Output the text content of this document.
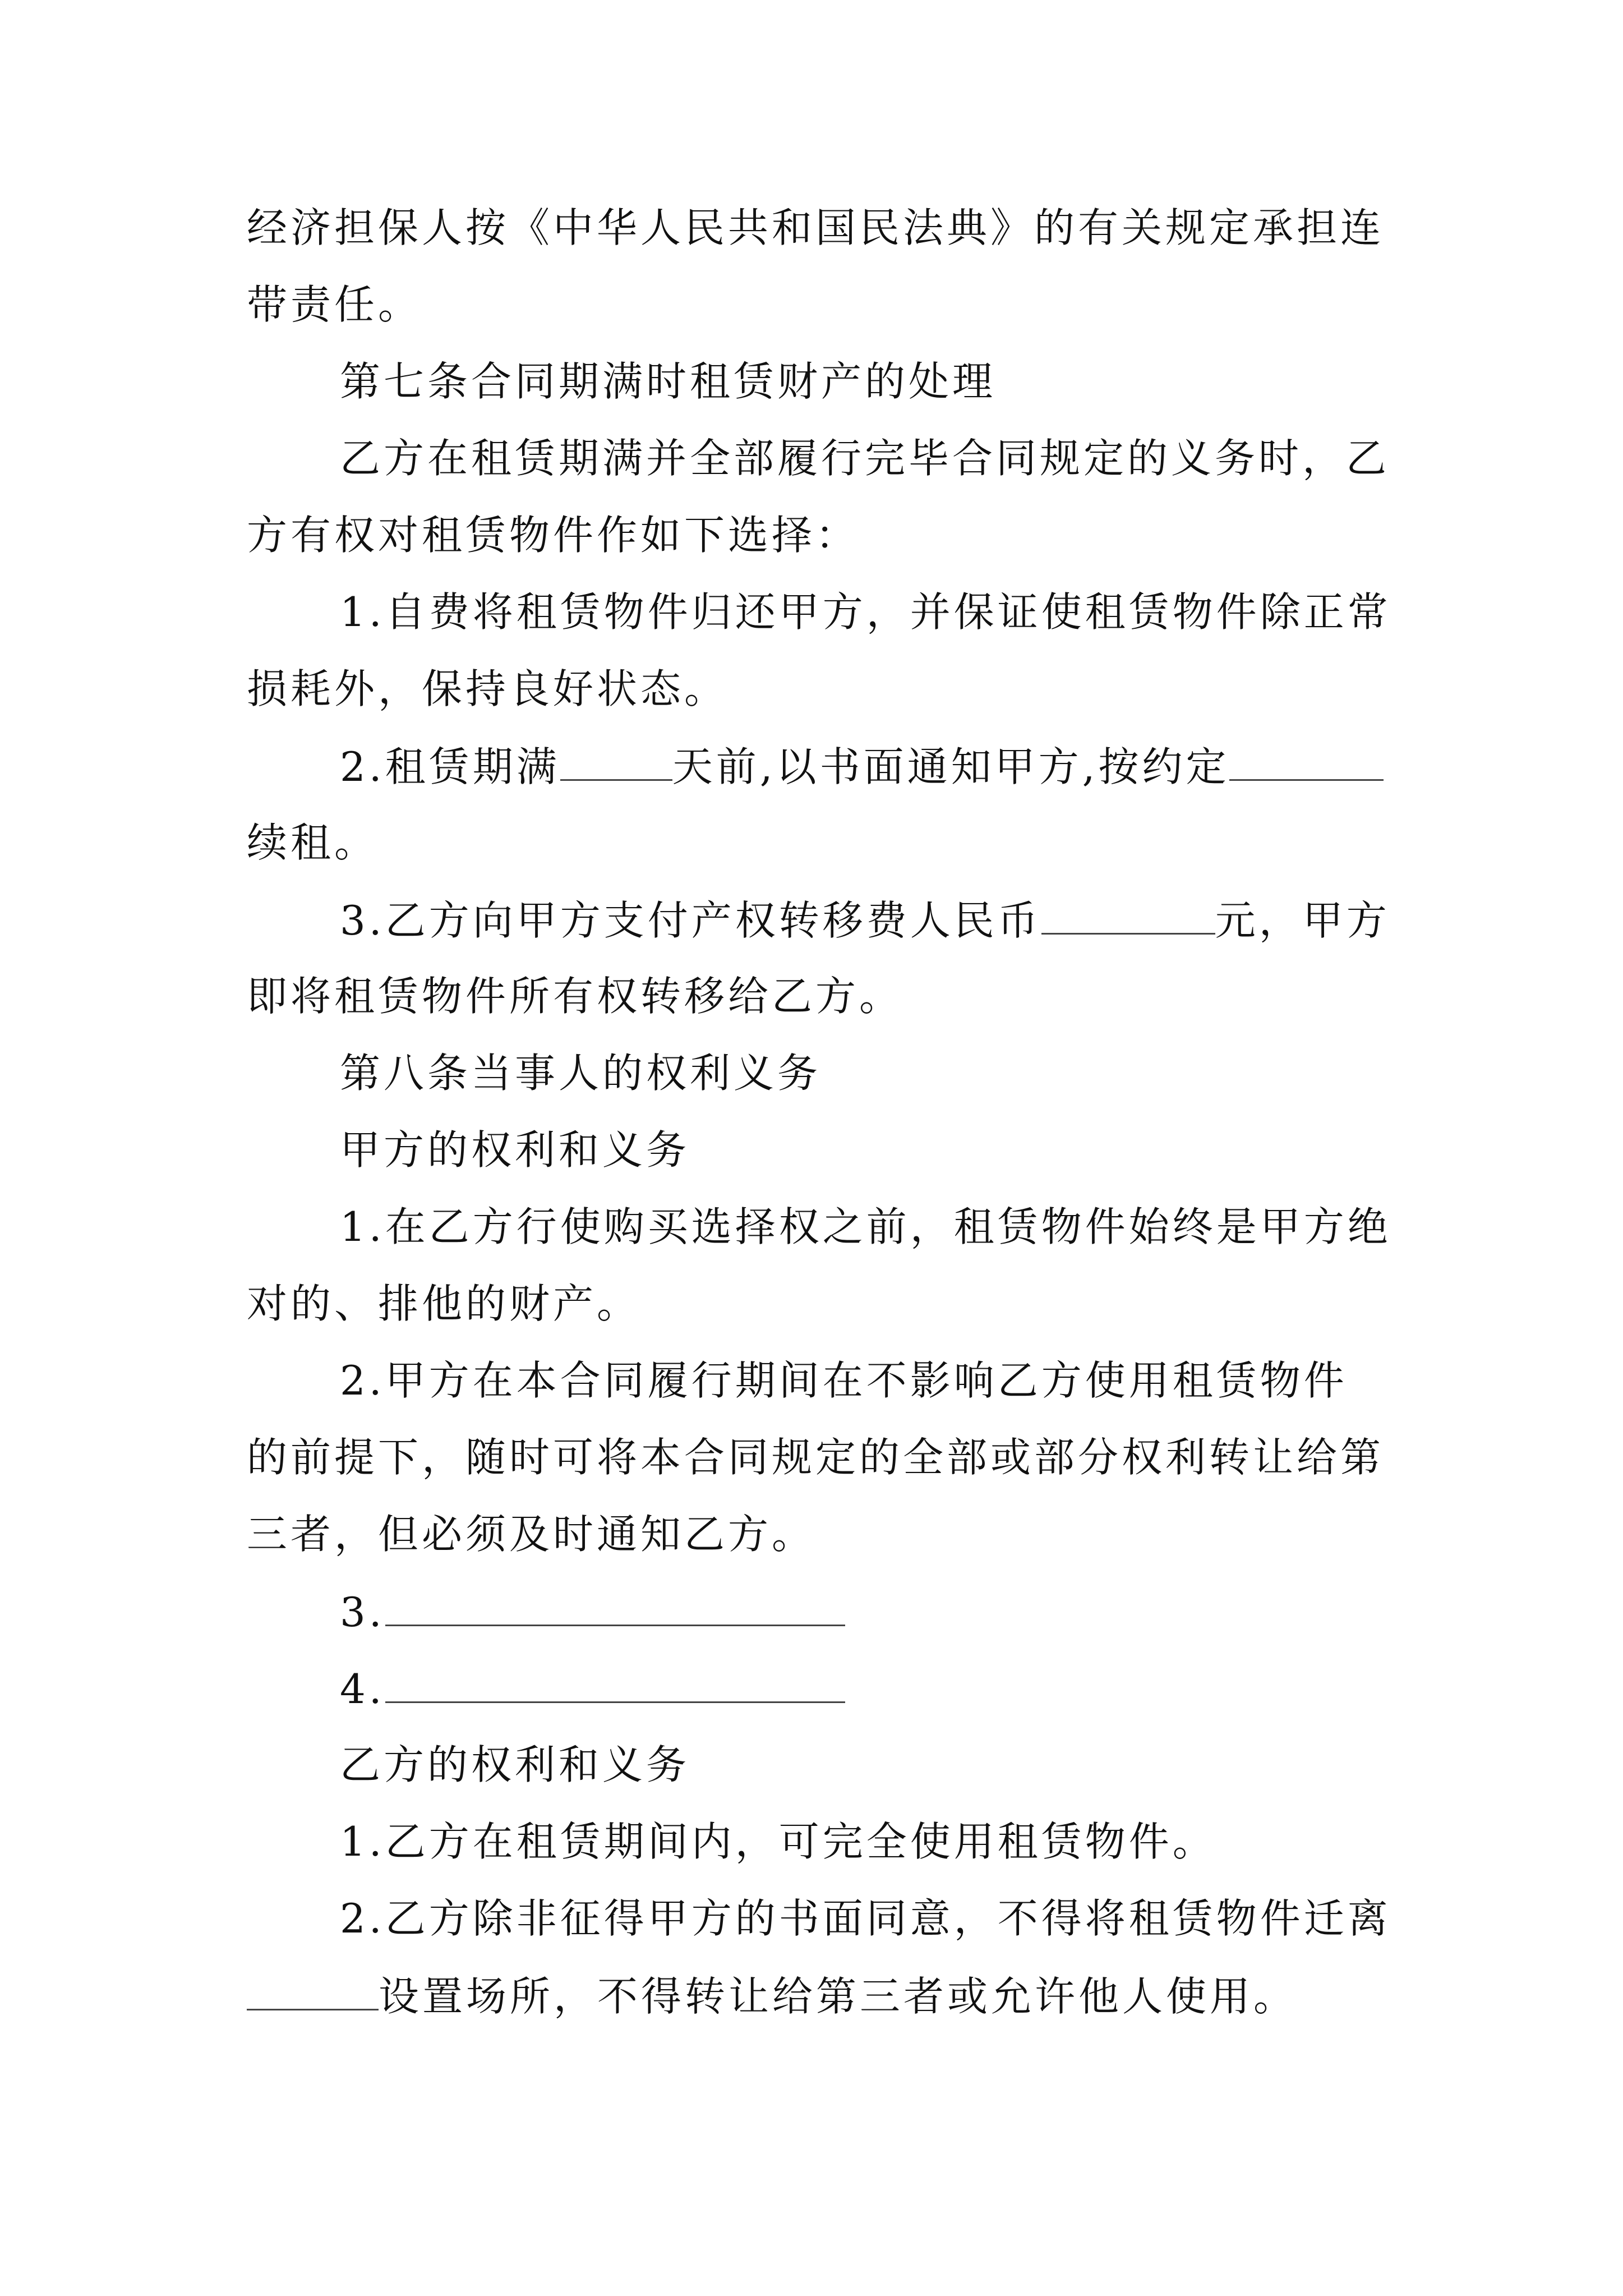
经济担保人按《中华人民共和国民法典》的有关规定承担连
带责任。
第七条合同期满时租赁财产的处理
乙方在租赁期满并全部履行完毕合同规定的义务时，乙
方有权对租赁物件作如下选择：
1.自费将租赁物件归还甲方，并保证使租赁物件除正常
损耗外，保持良好状态。
2.租赁期满	天前,以书面通知甲方,按约定
续租。
3.乙方向甲方支付产权转移费人民币	元，甲方
即将租赁物件所有权转移给乙方。
第八条当事人的权利义务
甲方的权利和义务
1.在乙方行使购买选择权之前，租赁物件始终是甲方绝
对的、排他的财产。
2.甲方在本合同履行期间在不影响乙方使用租赁物件
的前提下，随时可将本合同规定的全部或部分权利转让给第
三者，但必须及时通知乙方。
3.
4.
乙方的权利和义务
1.乙方在租赁期间内，可完全使用租赁物件。
2.乙方除非征得甲方的书面同意，不得将租赁物件迁离
设置场所，不得转让给第三者或允许他人使用。
